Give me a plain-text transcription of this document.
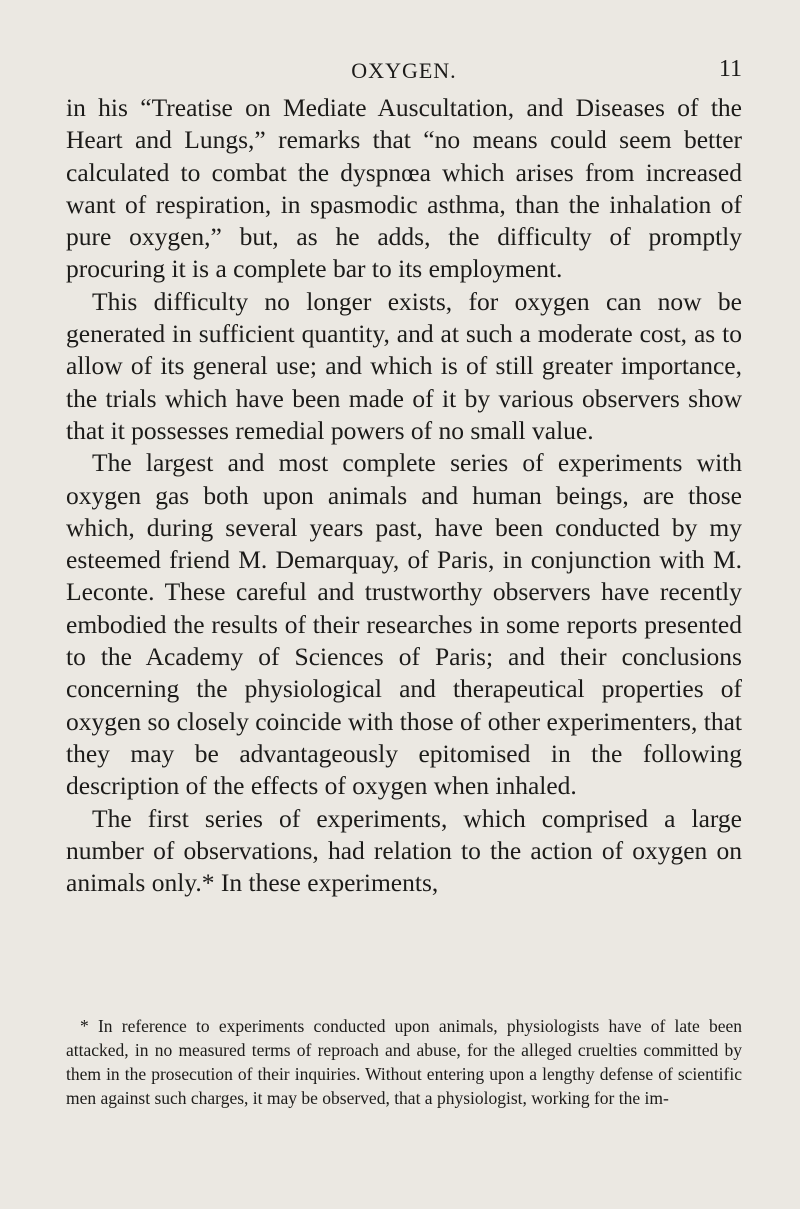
OXYGEN.	11

in his “Treatise on Mediate Auscultation, and Diseases of the Heart and Lungs,” remarks that “no means could seem better calculated to combat the dyspnœa which arises from increased want of respiration, in spasmodic asthma, than the inhalation of pure oxygen,” but, as he adds, the difficulty of promptly procuring it is a complete bar to its employment.

This difficulty no longer exists, for oxygen can now be generated in sufficient quantity, and at such a moderate cost, as to allow of its general use; and which is of still greater importance, the trials which have been made of it by various observers show that it possesses remedial powers of no small value.

The largest and most complete series of experiments with oxygen gas both upon animals and human beings, are those which, during several years past, have been conducted by my esteemed friend M. Demarquay, of Paris, in conjunction with M. Leconte. These careful and trustworthy observers have recently embodied the results of their researches in some reports presented to the Academy of Sciences of Paris; and their conclusions concerning the physiological and therapeutical properties of oxygen so closely coincide with those of other experimenters, that they may be advantageously epitomised in the following description of the effects of oxygen when inhaled.

The first series of experiments, which comprised a large number of observations, had relation to the action of oxygen on animals only.* In these experiments,

* In reference to experiments conducted upon animals, physiologists have of late been attacked, in no measured terms of reproach and abuse, for the alleged cruelties committed by them in the prosecution of their inquiries. Without entering upon a lengthy defense of scientific men against such charges, it may be observed, that a physiologist, working for the im-
